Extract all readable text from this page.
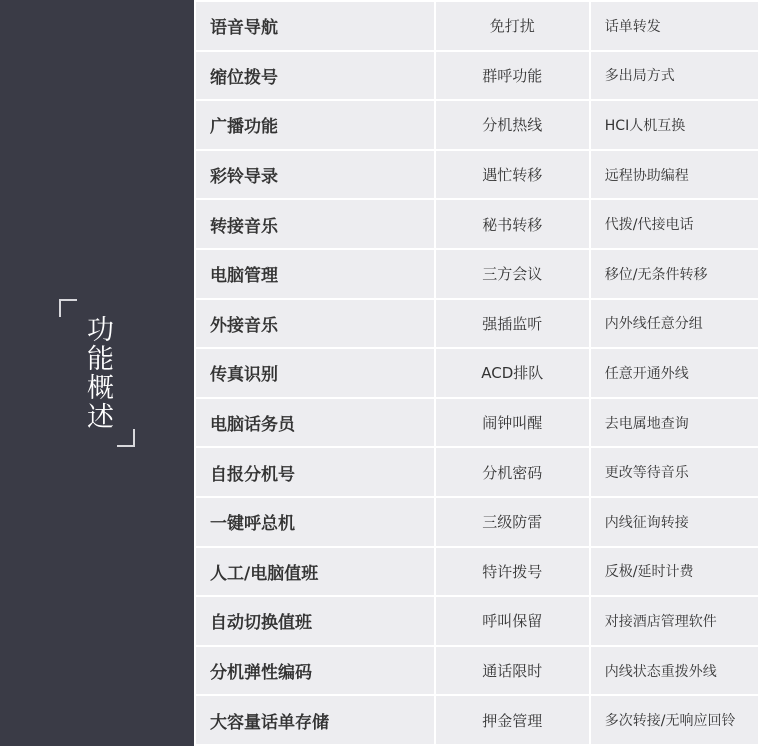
功能概述
语音导航	免打扰	话单转发
缩位拨号	群呼功能	多出局方式
广播功能	分机热线	HCI人机互换
彩铃导录	遇忙转移	远程协助编程
转接音乐	秘书转移	代拨/代接电话
电脑管理	三方会议	移位/无条件转移
外接音乐	强插监听	内外线任意分组
传真识别	ACD排队	任意开通外线
电脑话务员	闹钟叫醒	去电属地查询
自报分机号	分机密码	更改等待音乐
一键呼总机	三级防雷	内线征询转接
人工/电脑值班	特许拨号	反极/延时计费
自动切换值班	呼叫保留	对接酒店管理软件
分机弹性编码	通话限时	内线状态重拨外线
大容量话单存储	押金管理	多次转接/无响应回铃
